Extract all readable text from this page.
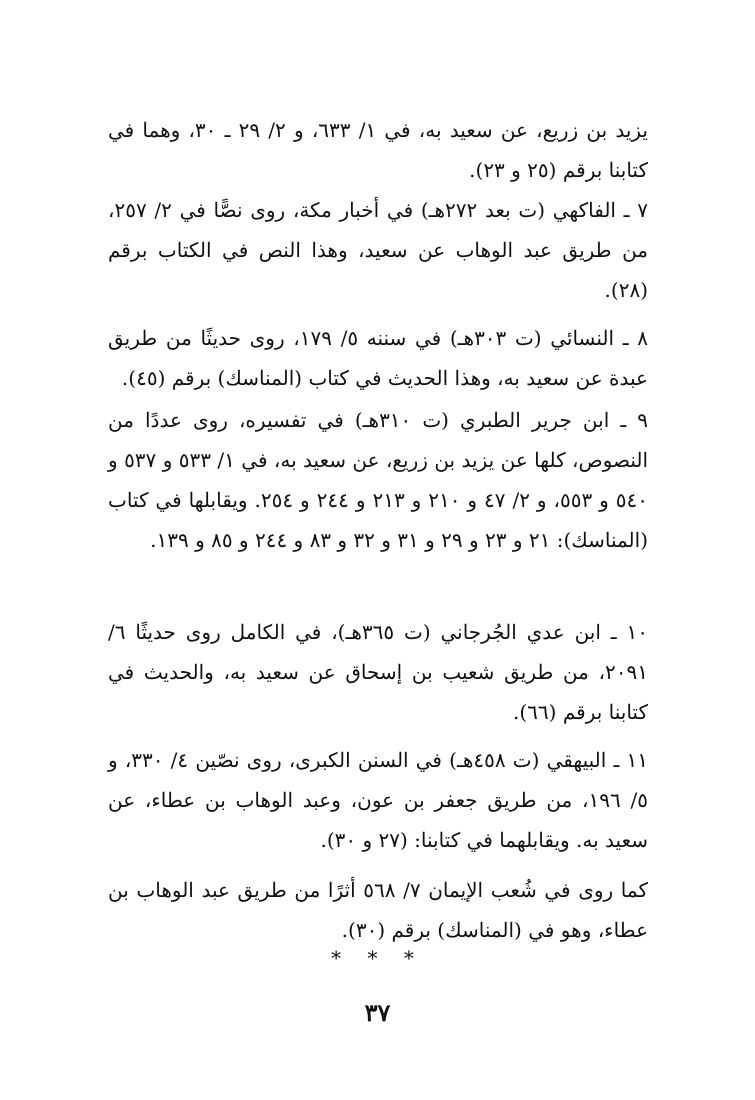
يزيد بن زريع، عن سعيد به، في ١/ ٦٣٣، و ٢/ ٢٩ ـ ٣٠، وهما في كتابنا برقم (٢٥ و ٢٣).

٧ ـ الفاكهي (ت بعد ٢٧٢هـ) في أخبار مكة، روى نصًّا في ٢/ ٢٥٧، من طريق عبد الوهاب عن سعيد، وهذا النص في الكتاب برقم (٢٨).

٨ ـ النسائي (ت ٣٠٣هـ) في سننه ٥/ ١٧٩، روى حديثًا من طريق عبدة عن سعيد به، وهذا الحديث في كتاب (المناسك) برقم (٤٥).

٩ ـ ابن جرير الطبري (ت ٣١٠هـ) في تفسيره، روى عددًا من النصوص، كلها عن يزيد بن زريع، عن سعيد به، في ١/ ٥٣٣ و ٥٣٧ و ٥٤٠ و ٥٥٣، و ٢/ ٤٧ و ٢١٠ و ٢١٣ و ٢٤٤ و ٢٥٤. ويقابلها في كتاب (المناسك): ٢١ و ٢٣ و ٢٩ و ٣١ و ٣٢ و ٨٣ و ٢٤٤ و ٨٥ و ١٣٩.

١٠ ـ ابن عدي الجُرجاني (ت ٣٦٥هـ)، في الكامل روى حديثًا ٦/ ٢٠٩١، من طريق شعيب بن إسحاق عن سعيد به، والحديث في كتابنا برقم (٦٦).

١١ ـ البيهقي (ت ٤٥٨هـ) في السنن الكبرى، روى نصّين ٤/ ٣٣٠، و ٥/ ١٩٦، من طريق جعفر بن عون، وعبد الوهاب بن عطاء، عن سعيد به. ويقابلهما في كتابنا: (٢٧ و ٣٠).

كما روى في شُعب الإيمان ٧/ ٥٦٨ أثرًا من طريق عبد الوهاب بن عطاء، وهو في (المناسك) برقم (٣٠).

* * *
٣٧
